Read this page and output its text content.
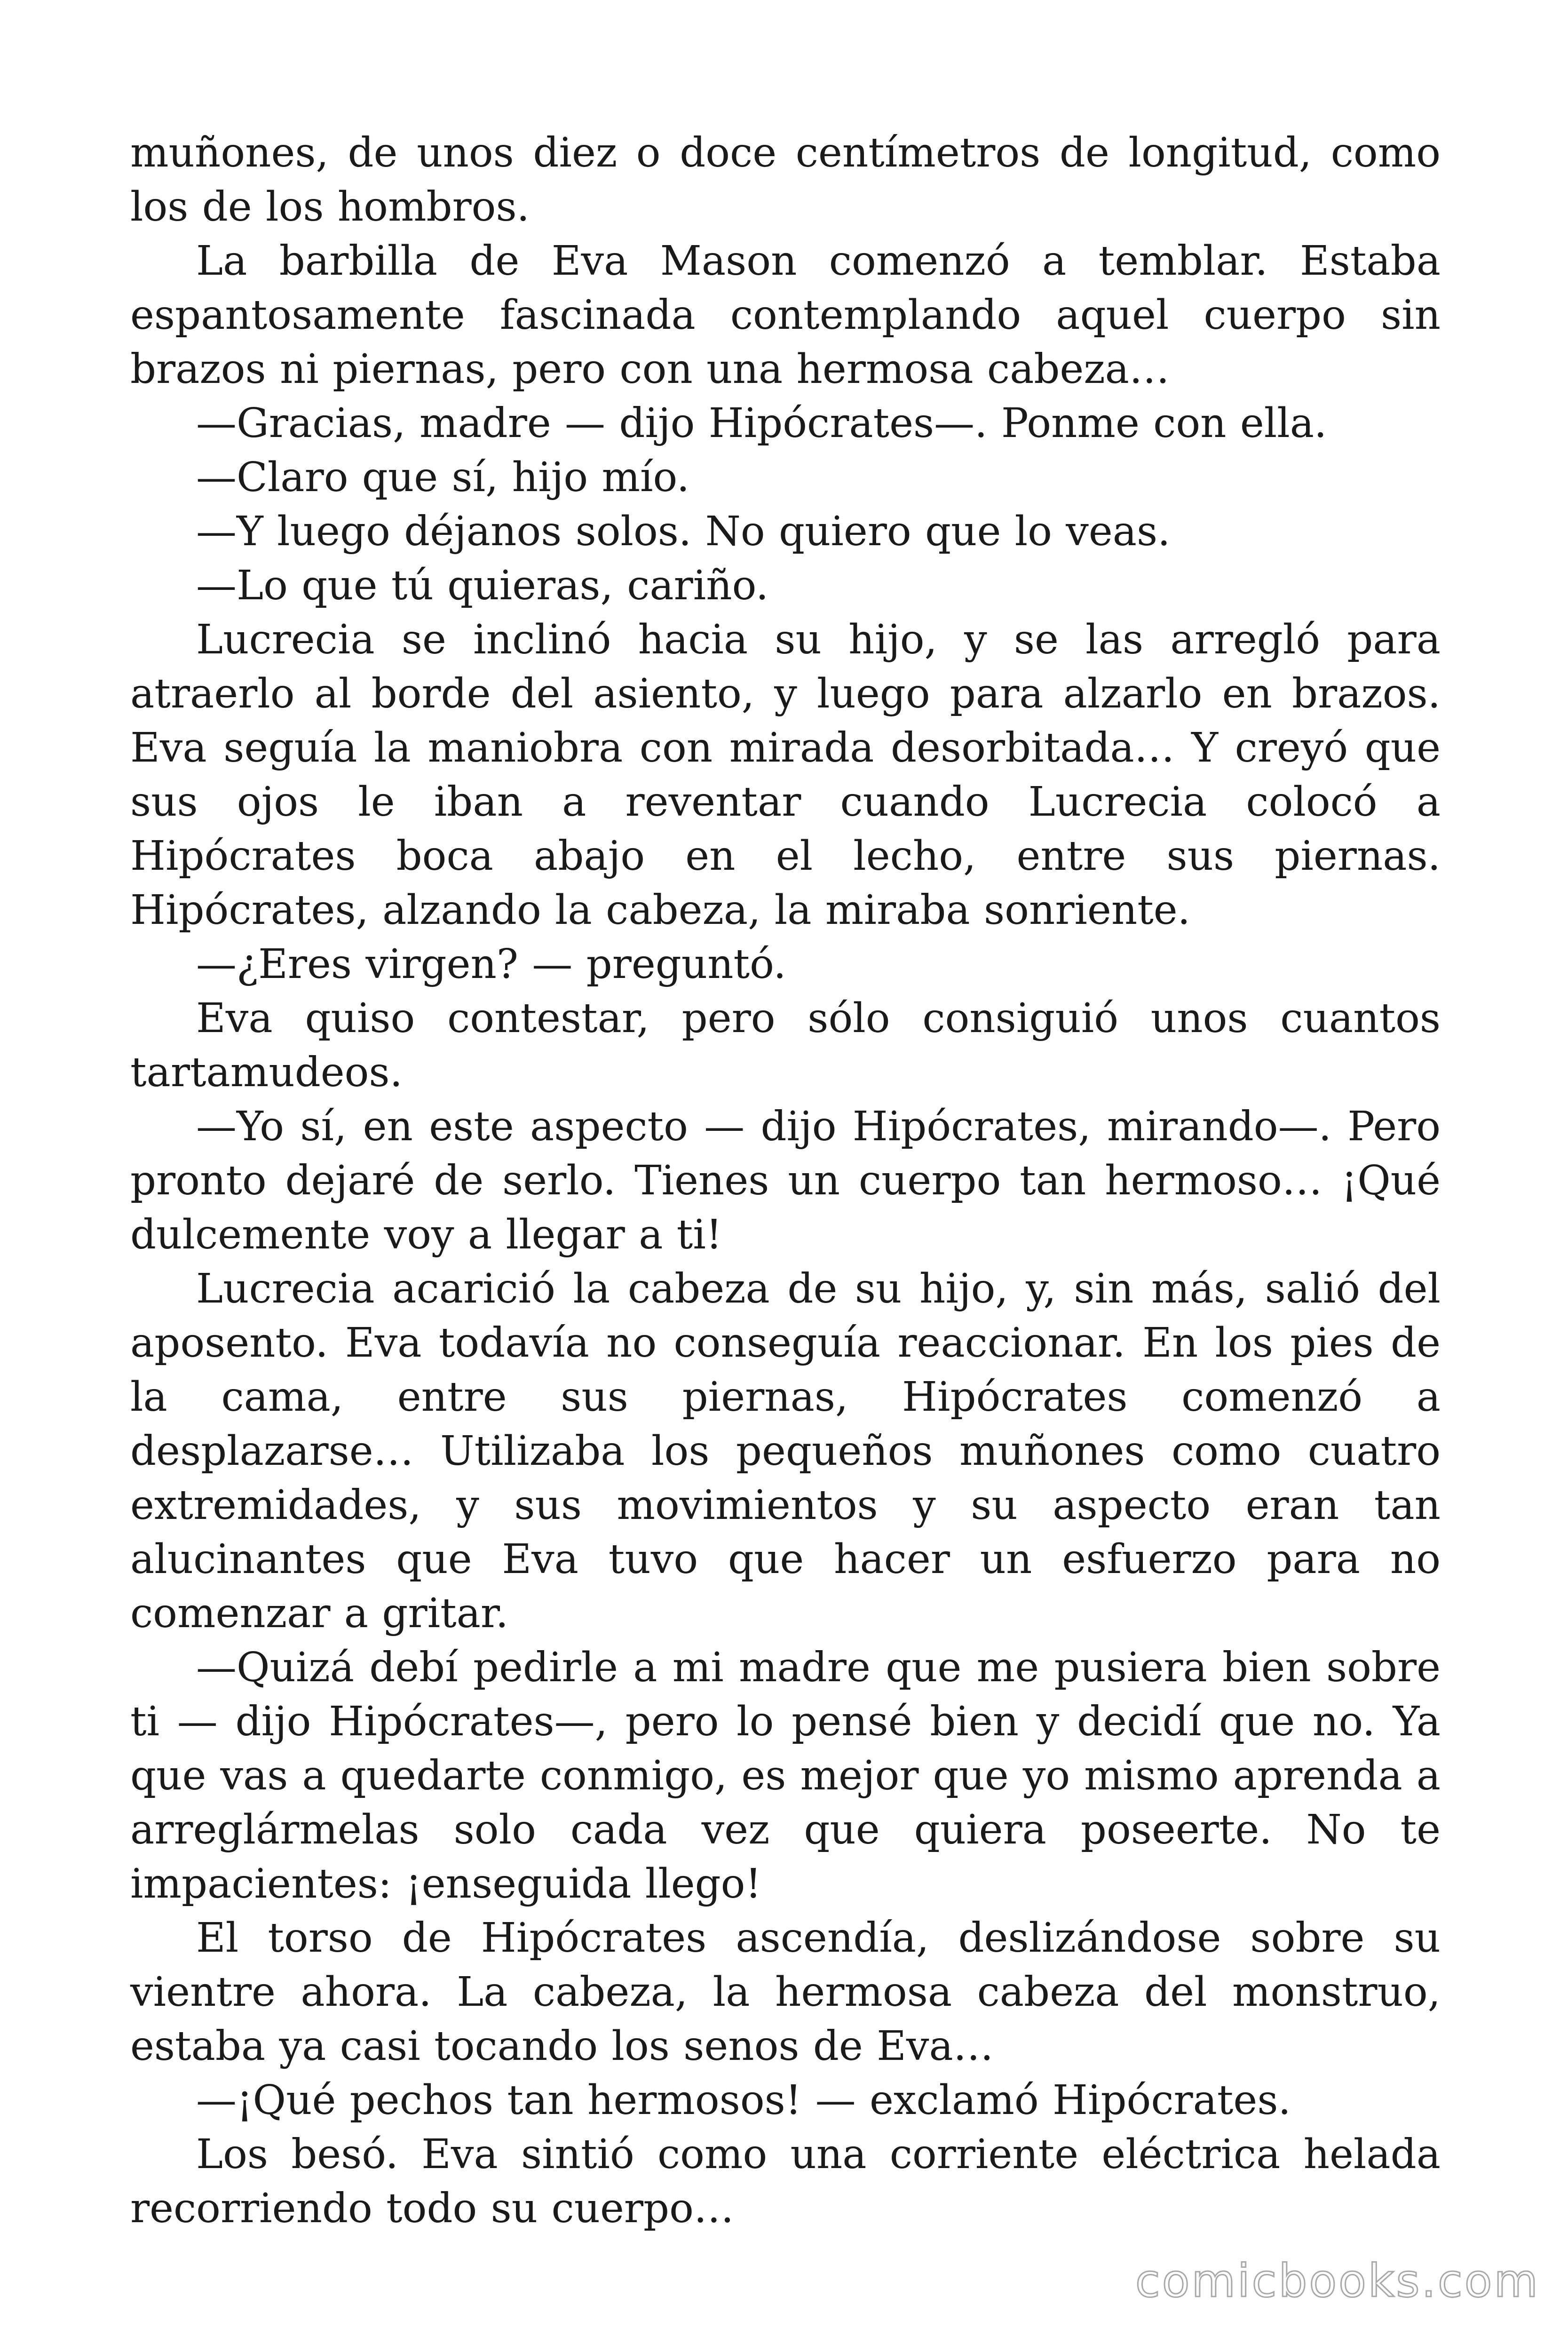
muñones, de unos diez o doce centímetros de longitud, como los de los hombros.

La barbilla de Eva Mason comenzó a temblar. Estaba espantosamente fascinada contemplando aquel cuerpo sin brazos ni piernas, pero con una hermosa cabeza…

—Gracias, madre — dijo Hipócrates—. Ponme con ella.

—Claro que sí, hijo mío.

—Y luego déjanos solos. No quiero que lo veas.

—Lo que tú quieras, cariño.

Lucrecia se inclinó hacia su hijo, y se las arregló para atraerlo al borde del asiento, y luego para alzarlo en brazos. Eva seguía la maniobra con mirada desorbitada… Y creyó que sus ojos le iban a reventar cuando Lucrecia colocó a Hipócrates boca abajo en el lecho, entre sus piernas. Hipócrates, alzando la cabeza, la miraba sonriente.

—¿Eres virgen? — preguntó.

Eva quiso contestar, pero sólo consiguió unos cuantos tartamudeos.

—Yo sí, en este aspecto — dijo Hipócrates, mirando—. Pero pronto dejaré de serlo. Tienes un cuerpo tan hermoso… ¡Qué dulcemente voy a llegar a ti!

Lucrecia acarició la cabeza de su hijo, y, sin más, salió del aposento. Eva todavía no conseguía reaccionar. En los pies de la cama, entre sus piernas, Hipócrates comenzó a desplazarse… Utilizaba los pequeños muñones como cuatro extremidades, y sus movimientos y su aspecto eran tan alucinantes que Eva tuvo que hacer un esfuerzo para no comenzar a gritar.

—Quizá debí pedirle a mi madre que me pusiera bien sobre ti — dijo Hipócrates—, pero lo pensé bien y decidí que no. Ya que vas a quedarte conmigo, es mejor que yo mismo aprenda a arreglármelas solo cada vez que quiera poseerte. No te impacientes: ¡enseguida llego!

El torso de Hipócrates ascendía, deslizándose sobre su vientre ahora. La cabeza, la hermosa cabeza del monstruo, estaba ya casi tocando los senos de Eva…

—¡Qué pechos tan hermosos! — exclamó Hipócrates.

Los besó. Eva sintió como una corriente eléctrica helada recorriendo todo su cuerpo…

comicbooks.com
